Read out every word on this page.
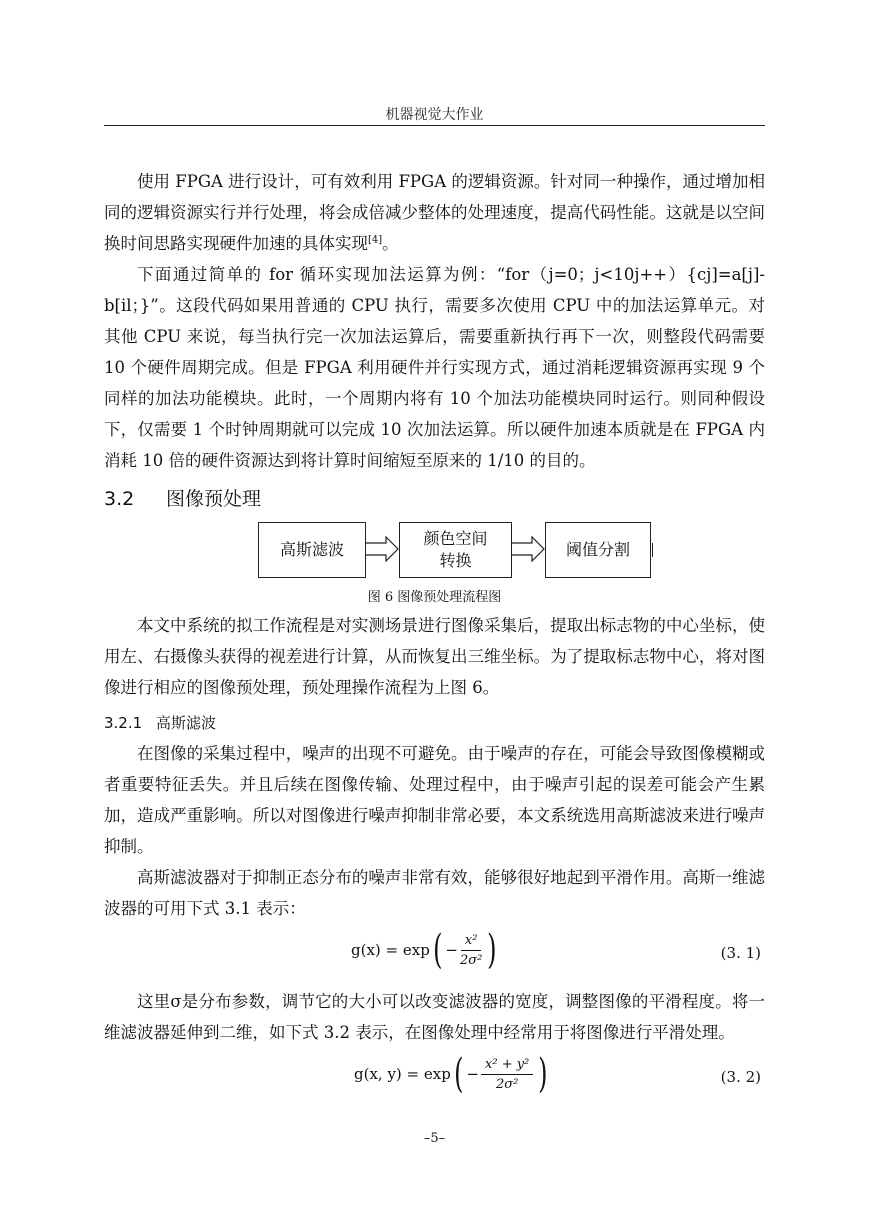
机器视觉大作业

使用 FPGA 进行设计，可有效利用 FPGA 的逻辑资源。针对同一种操作，通过增加相同的逻辑资源实行并行处理，将会成倍减少整体的处理速度，提高代码性能。这就是以空间换时间思路实现硬件加速的具体实现[4]。

下面通过简单的 for 循环实现加法运算为例：“for（j=0；j<10j++）{cj]=a[j]-b[il；}”。这段代码如果用普通的 CPU 执行，需要多次使用 CPU 中的加法运算单元。对其他 CPU 来说，每当执行完一次加法运算后，需要重新执行再下一次，则整段代码需要 10 个硬件周期完成。但是 FPGA 利用硬件并行实现方式，通过消耗逻辑资源再实现 9 个同样的加法功能模块。此时，一个周期内将有 10 个加法功能模块同时运行。则同种假设下，仅需要 1 个时钟周期就可以完成 10 次加法运算。所以硬件加速本质就是在 FPGA 内消耗 10 倍的硬件资源达到将计算时间缩短至原来的 1/10 的目的。

3.2 图像预处理
高斯滤波
颜色空间
转换
阈值分割
图 6 图像预处理流程图

本文中系统的拟工作流程是对实测场景进行图像采集后，提取出标志物的中心坐标，使用左、右摄像头获得的视差进行计算，从而恢复出三维坐标。为了提取标志物中心，将对图像进行相应的图像预处理，预处理操作流程为上图 6。

3.2.1 高斯滤波

在图像的采集过程中，噪声的出现不可避免。由于噪声的存在，可能会导致图像模糊或者重要特征丢失。并且后续在图像传输、处理过程中，由于噪声引起的误差可能会产生累加，造成严重影响。所以对图像进行噪声抑制非常必要，本文系统选用高斯滤波来进行噪声抑制。

高斯滤波器对于抑制正态分布的噪声非常有效，能够很好地起到平滑作用。高斯一维滤波器的可用下式 3.1 表示：

g(x) = exp ( − $\frac{\text{x²}}{\text{2σ²}}$ )	(3. 1)

这里σ是分布参数，调节它的大小可以改变滤波器的宽度，调整图像的平滑程度。将一维滤波器延伸到二维，如下式 3.2 表示，在图像处理中经常用于将图像进行平滑处理。

g(x, y) = exp ( − $\frac{\text{x² + y²}}{\text{2σ²}}$ )	(3. 2)
–5–
